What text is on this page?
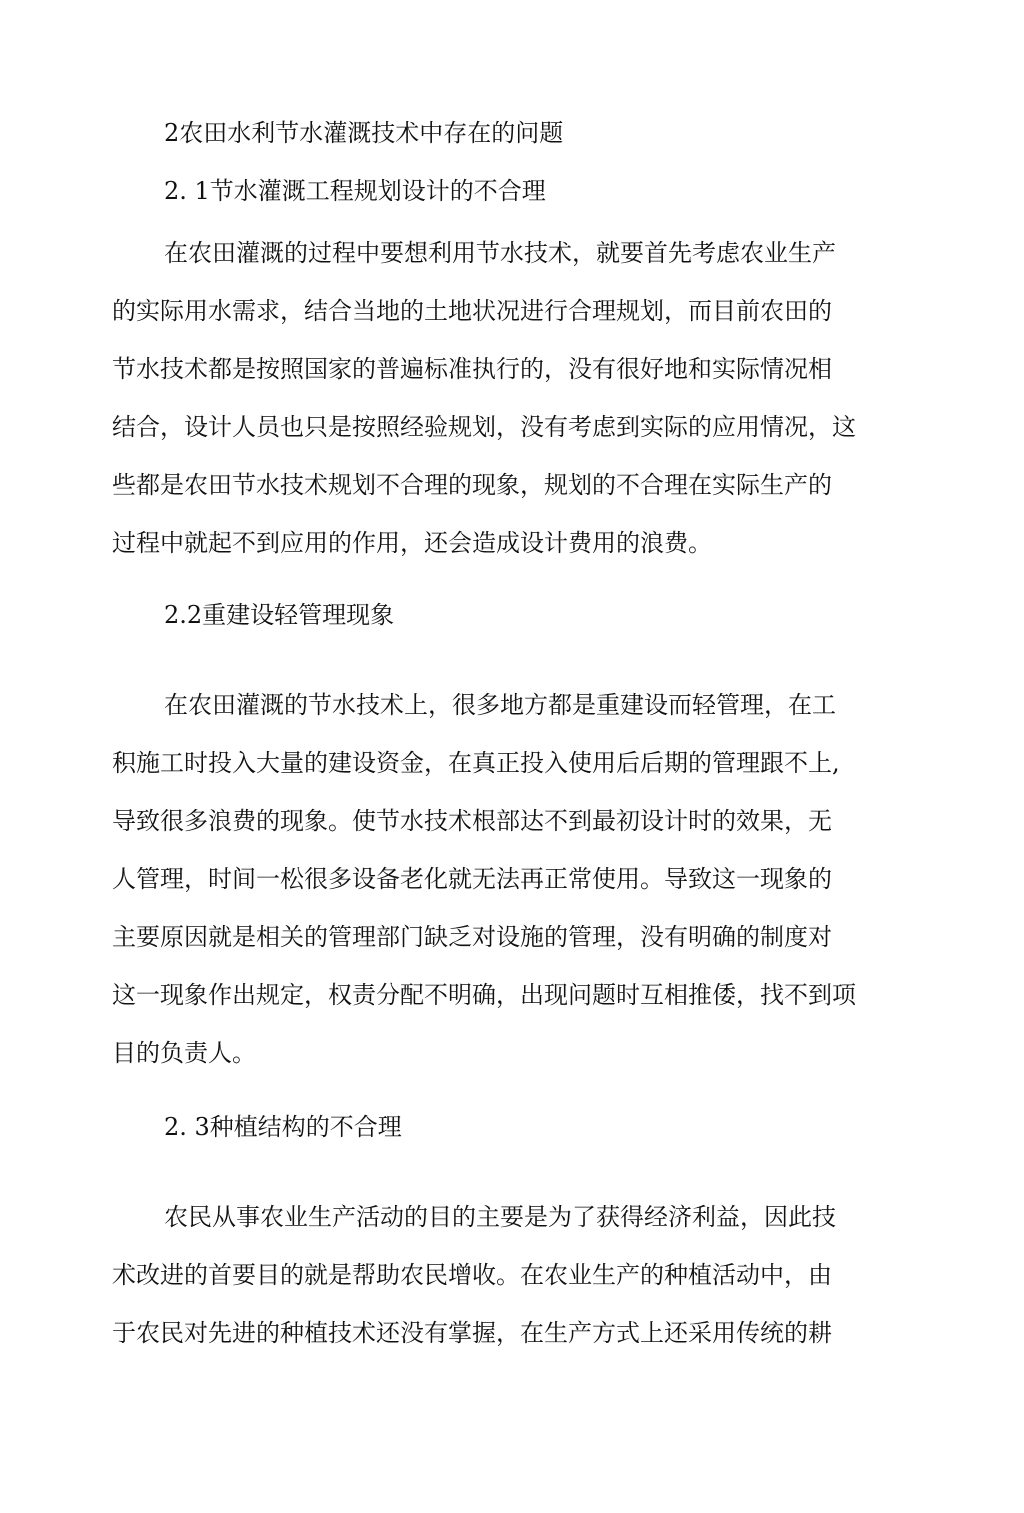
2农田水利节水灌溉技术中存在的问题
2. 1节水灌溉工程规划设计的不合理
在农田灌溉的过程中要想利用节水技术，就要首先考虑农业生产
的实际用水需求，结合当地的土地状况进行合理规划，而目前农田的
节水技术都是按照国家的普遍标准执行的，没有很好地和实际情况相
结合，设计人员也只是按照经验规划，没有考虑到实际的应用情况，这
些都是农田节水技术规划不合理的现象，规划的不合理在实际生产的
过程中就起不到应用的作用，还会造成设计费用的浪费。
2.2重建设轻管理现象
在农田灌溉的节水技术上，很多地方都是重建设而轻管理，在工
积施工时投入大量的建设资金，在真正投入使用后后期的管理跟不上,
导致很多浪费的现象。使节水技术根部达不到最初设计时的效果，无
人管理，时间一松很多设备老化就无法再正常使用。导致这一现象的
主要原因就是相关的管理部门缺乏对设施的管理，没有明确的制度对
这一现象作出规定，权责分配不明确，出现问题时互相推倭，找不到项
目的负责人。
2. 3种植结构的不合理
农民从事农业生产活动的目的主要是为了获得经济利益，因此技
术改进的首要目的就是帮助农民增收。在农业生产的种植活动中，由
于农民对先进的种植技术还没有掌握，在生产方式上还采用传统的耕
